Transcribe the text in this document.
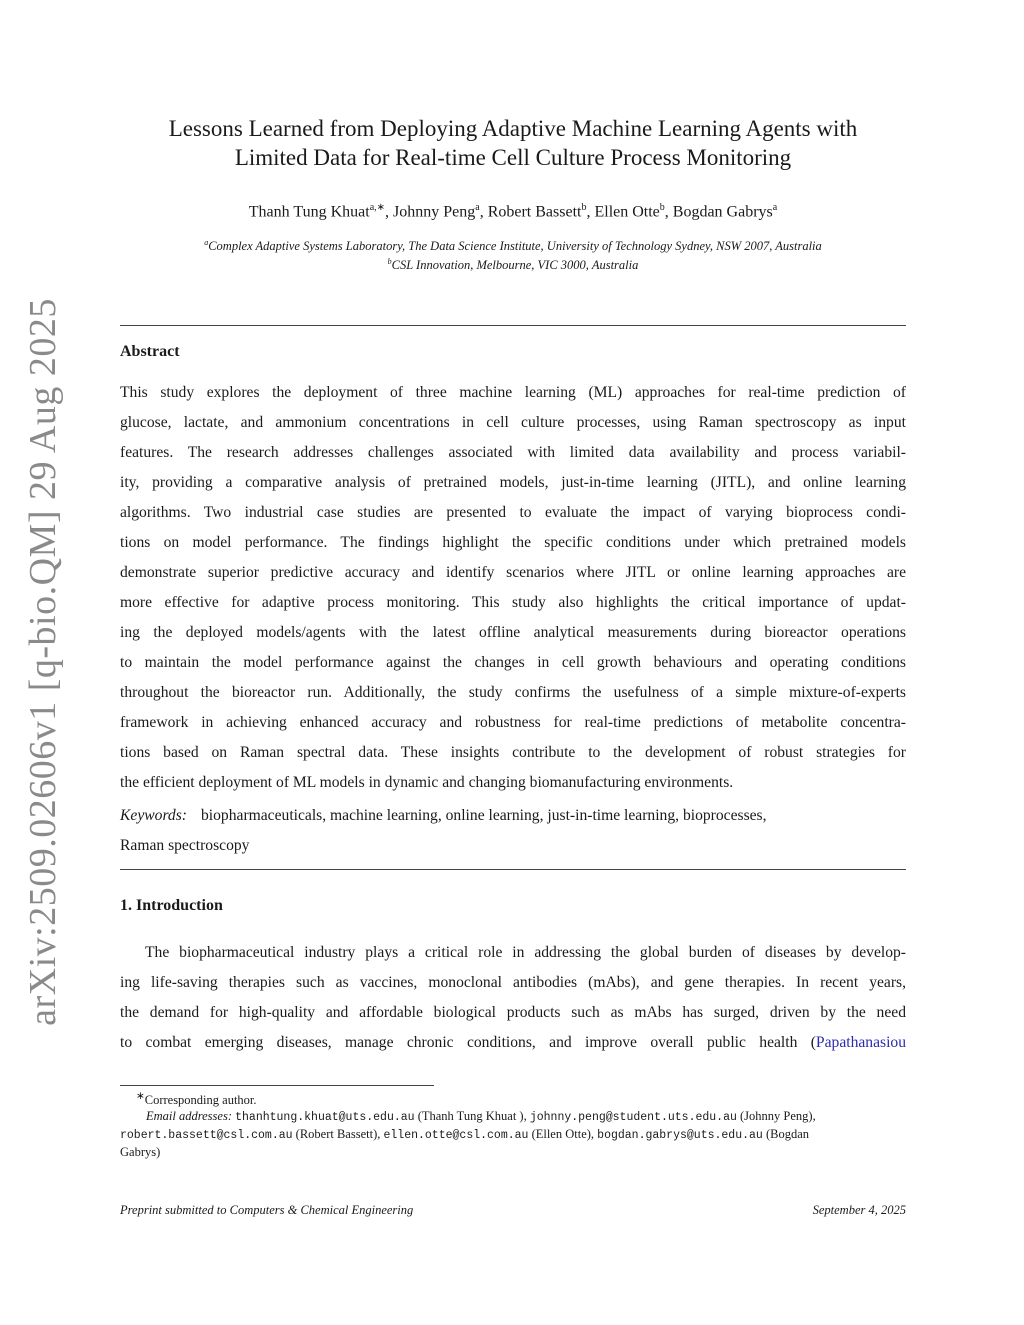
arXiv:2509.02606v1 [q-bio.QM] 29 Aug 2025
Lessons Learned from Deploying Adaptive Machine Learning Agents with
Limited Data for Real-time Cell Culture Process Monitoring
Thanh Tung Khuat$^{a,∗}$, Johnny Peng$^a$, Robert Bassett$^b$, Ellen Otte$^b$, Bogdan Gabrys$^a$
$^a$Complex Adaptive Systems Laboratory, The Data Science Institute, University of Technology Sydney, NSW 2007, Australia
$^b$CSL Innovation, Melbourne, VIC 3000, Australia
Abstract

This study explores the deployment of three machine learning (ML) approaches for real-time prediction of
glucose, lactate, and ammonium concentrations in cell culture processes, using Raman spectroscopy as input
features. The research addresses challenges associated with limited data availability and process variabil-
ity, providing a comparative analysis of pretrained models, just-in-time learning (JITL), and online learning
algorithms. Two industrial case studies are presented to evaluate the impact of varying bioprocess condi-
tions on model performance. The findings highlight the specific conditions under which pretrained models
demonstrate superior predictive accuracy and identify scenarios where JITL or online learning approaches are
more effective for adaptive process monitoring. This study also highlights the critical importance of updat-
ing the deployed models/agents with the latest offline analytical measurements during bioreactor operations
to maintain the model performance against the changes in cell growth behaviours and operating conditions
throughout the bioreactor run. Additionally, the study confirms the usefulness of a simple mixture-of-experts
framework in achieving enhanced accuracy and robustness for real-time predictions of metabolite concentra-
tions based on Raman spectral data. These insights contribute to the development of robust strategies for
the efficient deployment of ML models in dynamic and changing biomanufacturing environments.

Keywords: biopharmaceuticals, machine learning, online learning, just-in-time learning, bioprocesses,
Raman spectroscopy
1. Introduction

The biopharmaceutical industry plays a critical role in addressing the global burden of diseases by develop-
ing life-saving therapies such as vaccines, monoclonal antibodies (mAbs), and gene therapies. In recent years,
the demand for high-quality and affordable biological products such as mAbs has surged, driven by the need
to combat emerging diseases, manage chronic conditions, and improve overall public health (Papathanasiou

∗Corresponding author.
Email addresses: thanhtung.khuat@uts.edu.au (Thanh Tung Khuat ), johnny.peng@student.uts.edu.au (Johnny Peng),
robert.bassett@csl.com.au (Robert Bassett), ellen.otte@csl.com.au (Ellen Otte), bogdan.gabrys@uts.edu.au (Bogdan
Gabrys)
Preprint submitted to Computers & Chemical Engineering	September 4, 2025
